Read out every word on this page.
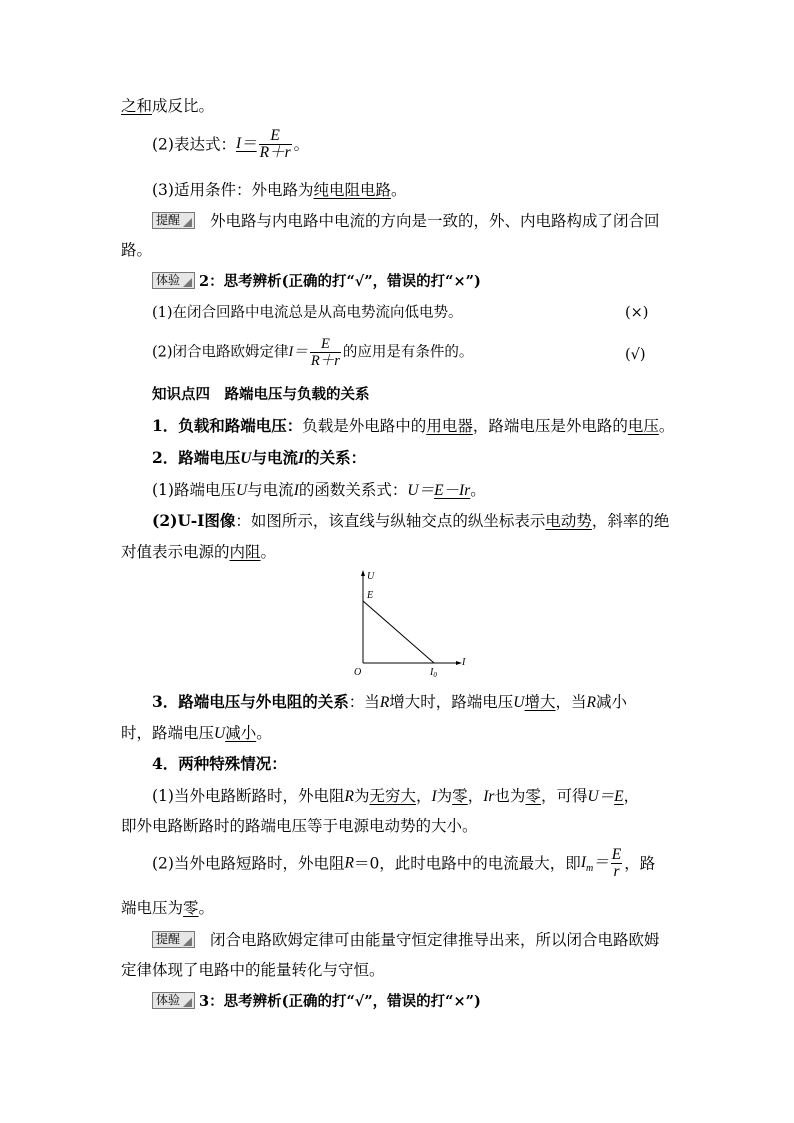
之和成反比。
(2)表达式：$I= \frac{E}{R+r}$ 。
(3)适用条件：外电路为纯电阻电路。
提醒 外电路与内电路中电流的方向是一致的，外、内电路构成了闭合回
路。
体验 2：思考辨析(正确的打“√”，错误的打“×”)
(1)在闭合回路中电流总是从高电势流向低电势。	(×)
(2)闭合电路欧姆定律$I= \frac{E}{R+r}$ 的应用是有条件的。	(√)
知识点四　路端电压与负载的关系
1．负载和路端电压：负载是外电路中的用电器，路端电压是外电路的电压。
2．路端电压U与电流I的关系：
(1)路端电压U与电流I的函数关系式：U＝E－Ir。
(2)U-I图像：如图所示，该直线与纵轴交点的纵坐标表示电动势，斜率的绝
对值表示电源的内阻。
U
E
O	$I_0$
I
3．路端电压与外电阻的关系：当R增大时，路端电压U增大，当R减小
时，路端电压U减小。
4．两种特殊情况：
(1)当外电路断路时，外电阻R为无穷大，I为零，Ir也为零，可得U＝E，
即外电路断路时的路端电压等于电源电动势的大小。
(2)当外电路短路时，外电阻R＝0，此时电路中的电流最大，即$I_m= \frac{E}{r}$ ，路
端电压为零。
提醒 闭合电路欧姆定律可由能量守恒定律推导出来，所以闭合电路欧姆
定律体现了电路中的能量转化与守恒。
体验 3：思考辨析(正确的打“√”，错误的打“×”)
